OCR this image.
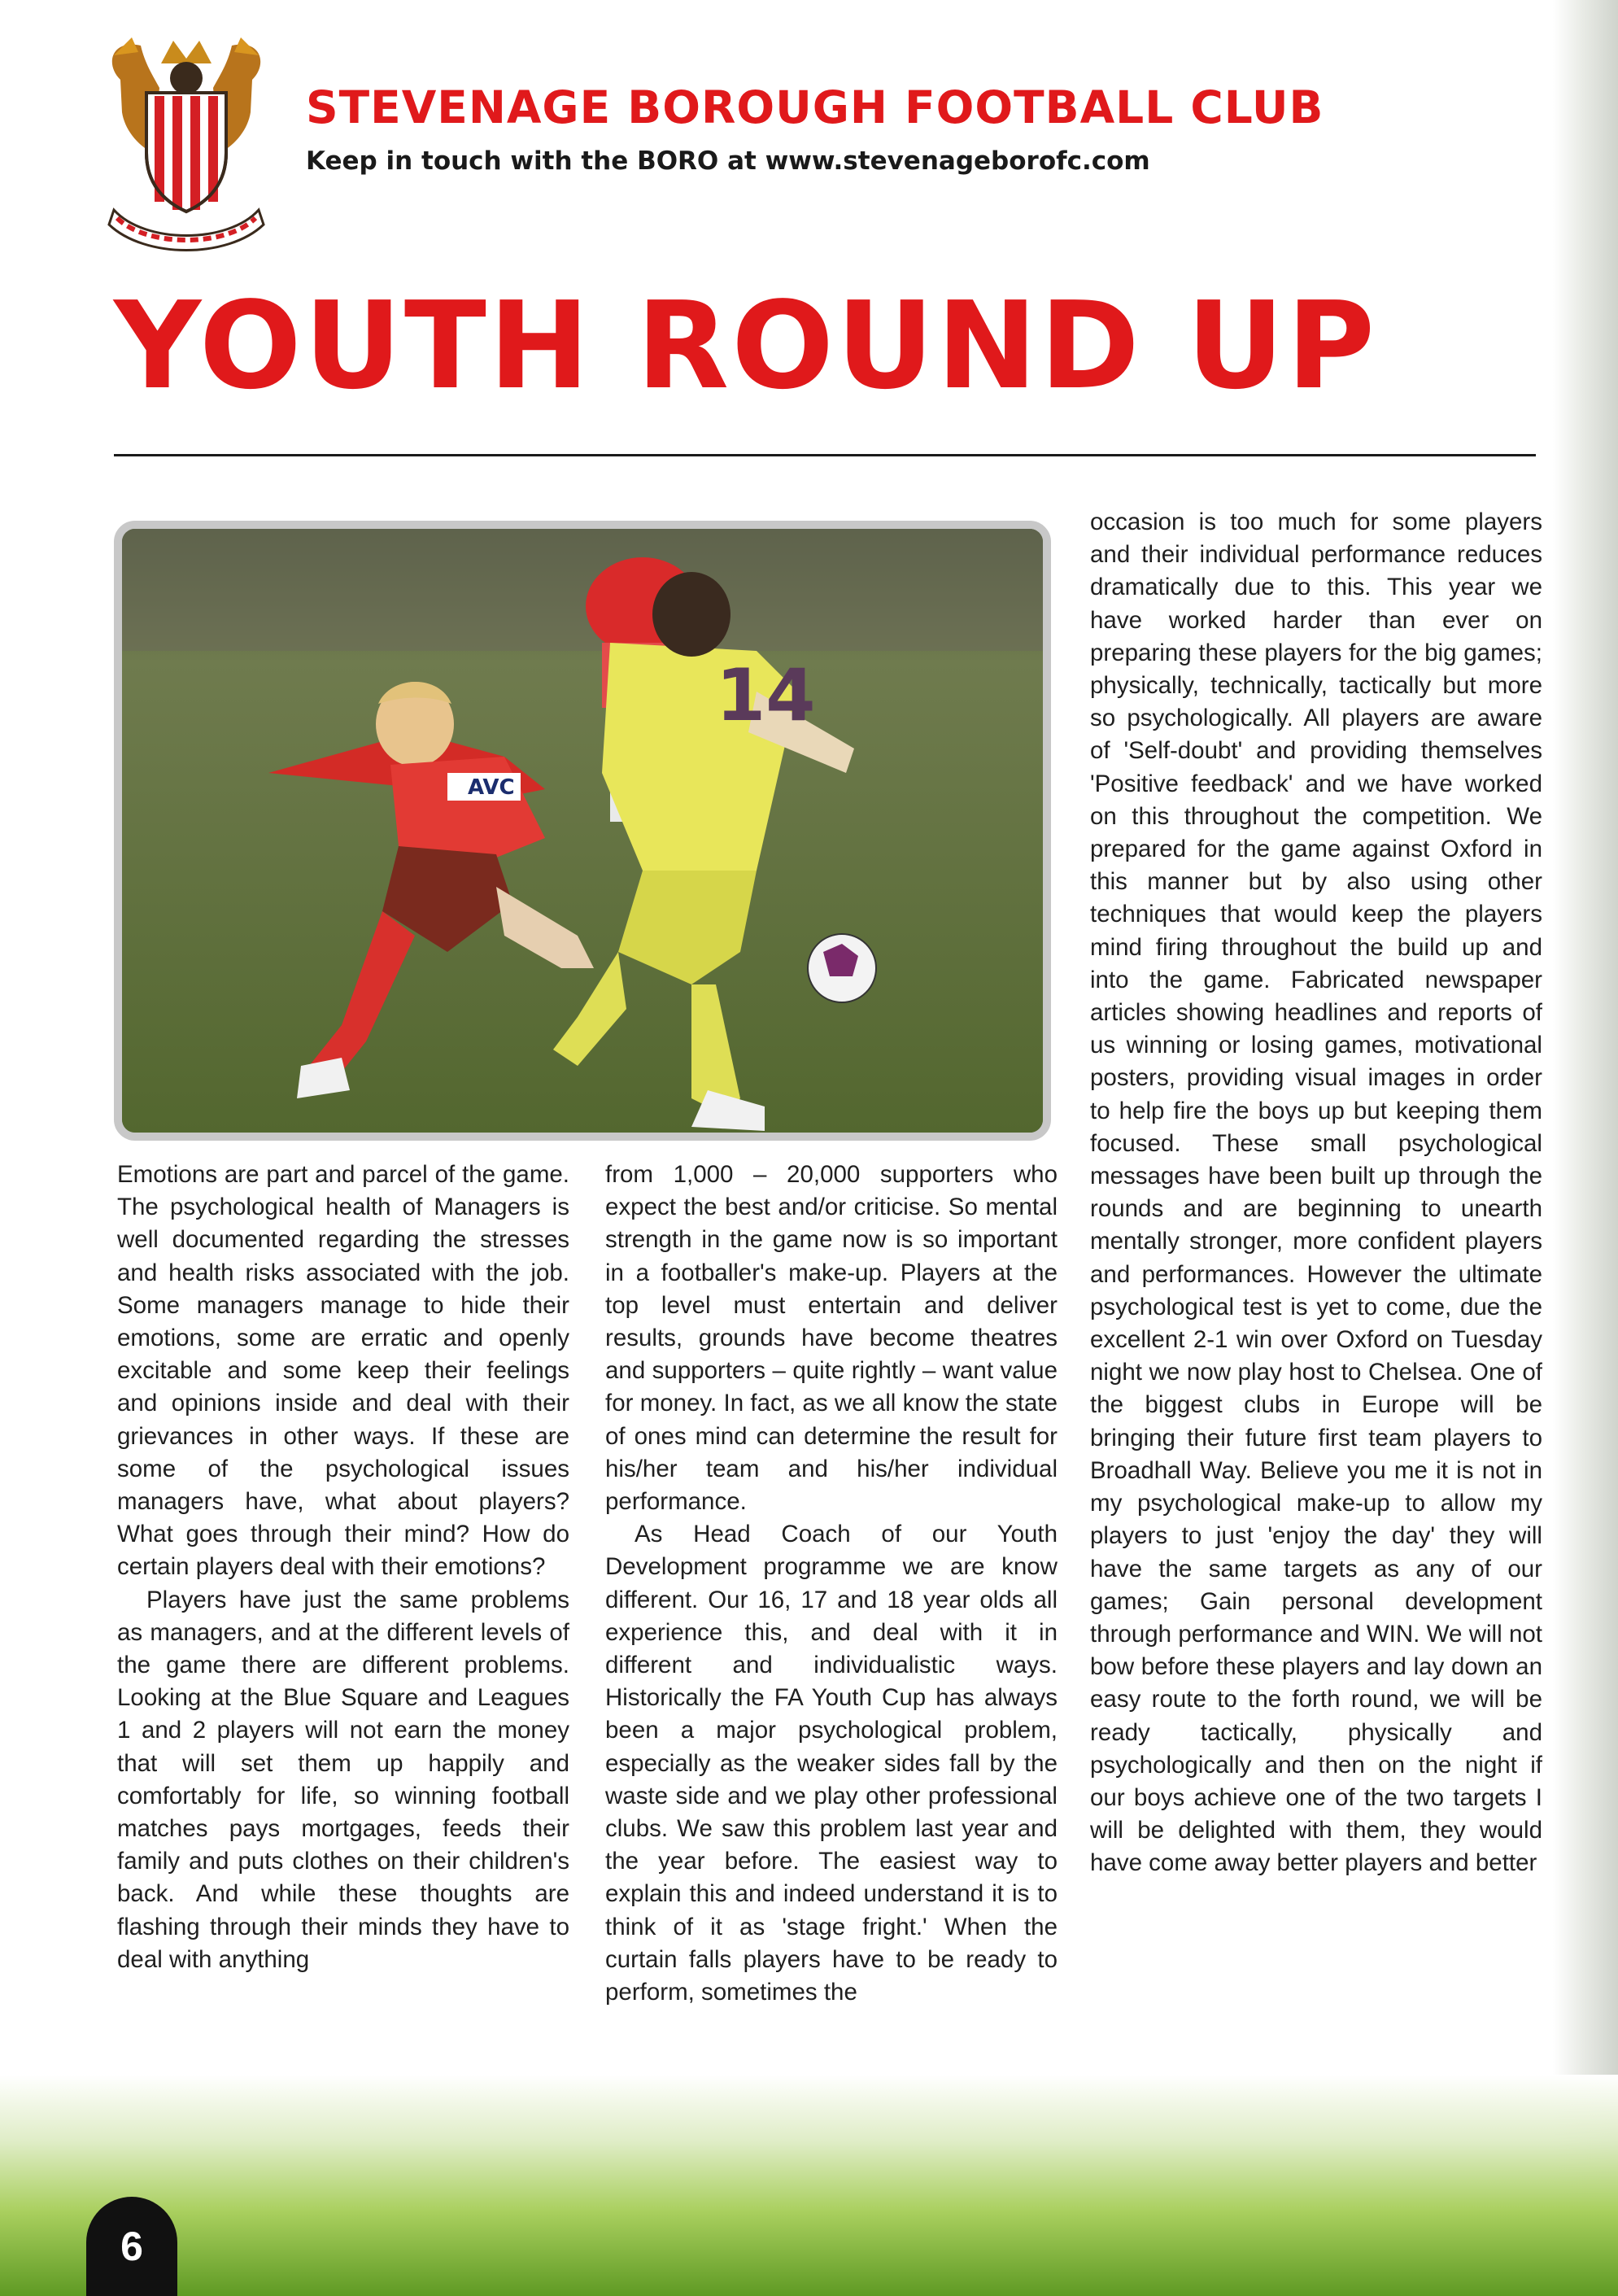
STEVENAGE BOROUGH FOOTBALL CLUB
Keep in touch with the BORO at www.stevenageborofc.com
YOUTH ROUND UP
14
AVC

Emotions are part and parcel of the game. The psychological health of Managers is well documented regarding the stresses and health risks associated with the job. Some managers manage to hide their emotions, some are erratic and openly excitable and some keep their feelings and opinions inside and deal with their grievances in other ways. If these are some of the psychological issues managers have, what about players? What goes through their mind? How do certain players deal with their emotions?

Players have just the same problems as managers, and at the different levels of the game there are different problems. Looking at the Blue Square and Leagues 1 and 2 players will not earn the money that will set them up happily and comfortably for life, so winning football matches pays mortgages, feeds their family and puts clothes on their children's back. And while these thoughts are flashing through their minds they have to deal with anything

from 1,000 – 20,000 supporters who expect the best and/or criticise. So mental strength in the game now is so important in a footballer's make-up. Players at the top level must entertain and deliver results, grounds have become theatres and supporters – quite rightly – want value for money. In fact, as we all know the state of ones mind can determine the result for his/her team and his/her individual performance.

As Head Coach of our Youth Development programme we are know different. Our 16, 17 and 18 year olds all experience this, and deal with it in different and individualistic ways. Historically the FA Youth Cup has always been a major psychological problem, especially as the weaker sides fall by the waste side and we play other professional clubs. We saw this problem last year and the year before. The easiest way to explain this and indeed understand it is to think of it as 'stage fright.' When the curtain falls players have to be ready to perform, sometimes the

occasion is too much for some players and their individual performance reduces dramatically due to this. This year we have worked harder than ever on preparing these players for the big games; physically, technically, tactically but more so psychologically. All players are aware of 'Self-doubt' and providing themselves 'Positive feedback' and we have worked on this throughout the competition. We prepared for the game against Oxford in this manner but by also using other techniques that would keep the players mind firing throughout the build up and into the game. Fabricated newspaper articles showing headlines and reports of us winning or losing games, motivational posters, providing visual images in order to help fire the boys up but keeping them focused. These small psychological messages have been built up through the rounds and are beginning to unearth mentally stronger, more confident players and performances. However the ultimate psychological test is yet to come, due the excellent 2-1 win over Oxford on Tuesday night we now play host to Chelsea. One of the biggest clubs in Europe will be bringing their future first team players to Broadhall Way. Believe you me it is not in my psychological make-up to allow my players to just 'enjoy the day' they will have the same targets as any of our games; Gain personal development through performance and WIN. We will not bow before these players and lay down an easy route to the forth round, we will be ready tactically, physically and psychologically and then on the night if our boys achieve one of the two targets I will be delighted with them, they would have come away better players and better

6
